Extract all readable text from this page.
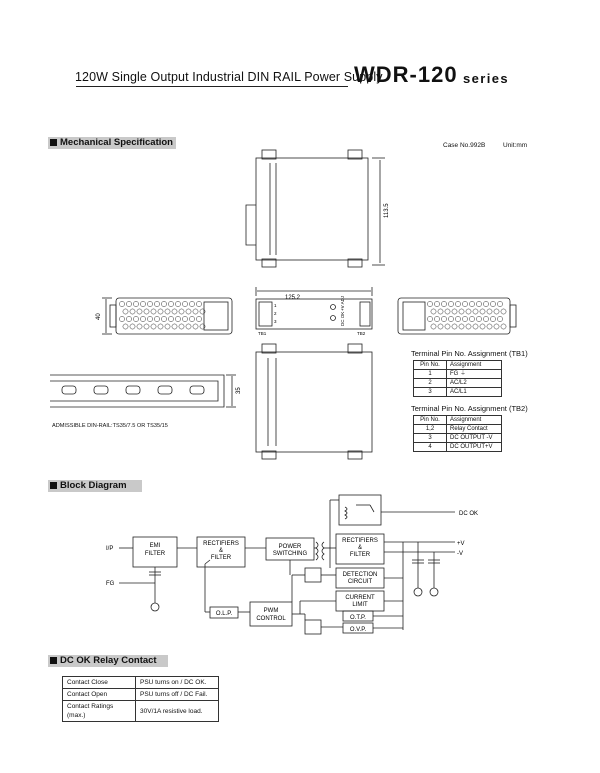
120W Single Output Industrial DIN RAIL Power Supply
WDR-120 series
Mechanical Specification	Case No.992B	Unit:mm
113.5
125.2
TB1	TB2
1
2
3
+V ADJ
DC OK
40
35
ADMISSIBLE DIN-RAIL:TS35/7.5 OR TS35/15
Terminal Pin No. Assignment (TB1)
Pin No.	Assignment
1	FG ⏚
2	AC/L2
3	AC/L1
Terminal Pin No. Assignment (TB2)
Pin No.	Assignment
1,2	Relay Contact
3	DC OUTPUT -V
4	DC OUTPUT+V
Block Diagram
EMI
FILTER
RECTIFIERS
&
FILTER
POWER
SWITCHING
RECTIFIERS
&
FILTER
DETECTION
CIRCUIT
CURRENT
LIMIT
O.T.P.
O.V.P.
O.L.P.	PWM
CONTROL
I/P
FG
DC OK
+V
-V
DC OK Relay Contact
Contact Close	PSU turns on / DC OK.
Contact Open	PSU turns off / DC Fail.
Contact Ratings (max.)	30V/1A resistive load.
